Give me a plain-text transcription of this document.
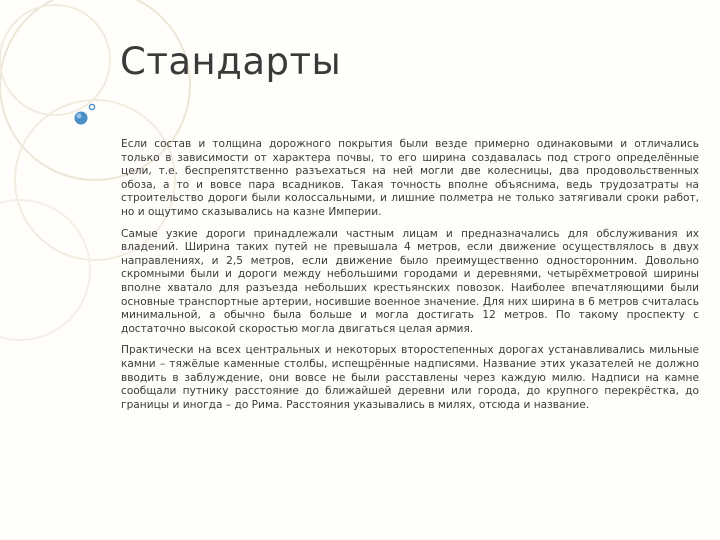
Стандарты

Если состав и толщина дорожного покрытия были везде примерно одинаковыми и отличались только в зависимости от характера почвы, то его ширина создавалась под строго определённые цели, т.е. беспрепятственно разъехаться на ней могли две колесницы, два продовольственных обоза, а то и вовсе пара всадников. Такая точность вполне объяснима, ведь трудозатраты на строительство дороги были колоссальными, и лишние полметра не только затягивали сроки работ, но и ощутимо сказывались на казне Империи.

Самые узкие дороги принадлежали частным лицам и предназначались для обслуживания их владений. Ширина таких путей не превышала 4 метров, если движение осуществлялось в двух направлениях, и 2,5 метров, если движение было преимущественно односторонним. Довольно скромными были и дороги между небольшими городами и деревнями, четырёхметровой ширины вполне хватало для разъезда небольших крестьянских повозок. Наиболее впечатляющими были основные транспортные артерии, носившие военное значение. Для них ширина в 6 метров считалась минимальной, а обычно была больше и могла достигать 12 метров. По такому проспекту с достаточно высокой скоростью могла двигаться целая армия.

Практически на всех центральных и некоторых второстепенных дорогах устанавливались мильные камни – тяжёлые каменные столбы, испещрённые надписями. Название этих указателей не должно вводить в заблуждение, они вовсе не были расставлены через каждую милю. Надписи на камне сообщали путнику расстояние до ближайшей деревни или города, до крупного перекрёстка, до границы и иногда – до Рима. Расстояния указывались в милях, отсюда и название.
